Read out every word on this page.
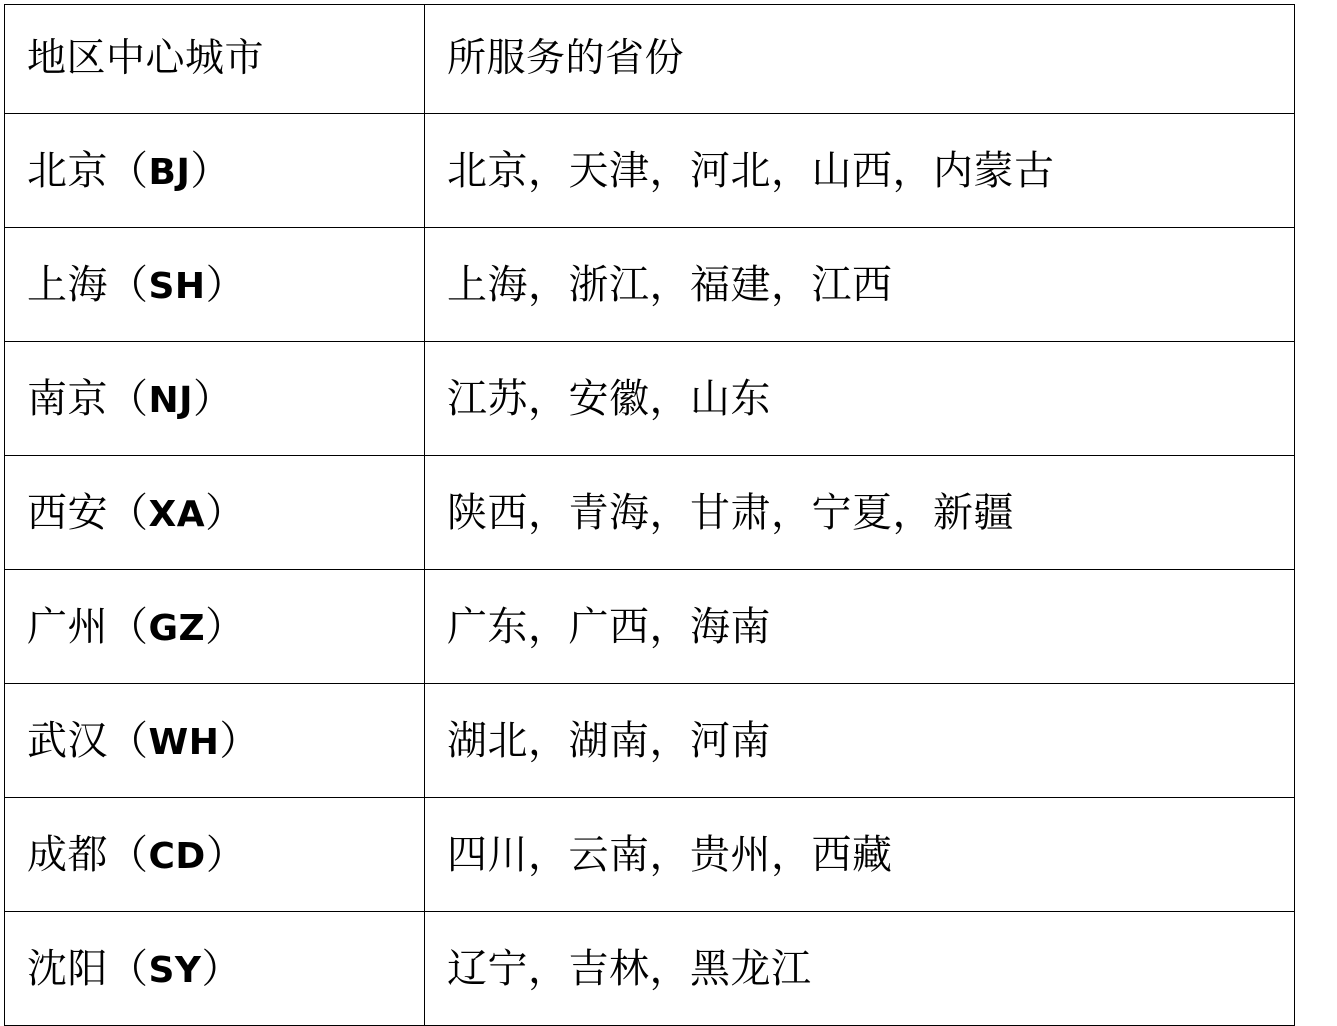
地区中心城市	所服务的省份
北京（BJ）	北京，天津，河北，山西，内蒙古
上海（SH）	上海，浙江，福建，江西
南京（NJ）	江苏，安徽，山东
西安（XA）	陕西，青海，甘肃，宁夏，新疆
广州（GZ）	广东，广西，海南
武汉（WH）	湖北，湖南，河南
成都（CD）	四川，云南，贵州，西藏
沈阳（SY）	辽宁，吉林，黑龙江
